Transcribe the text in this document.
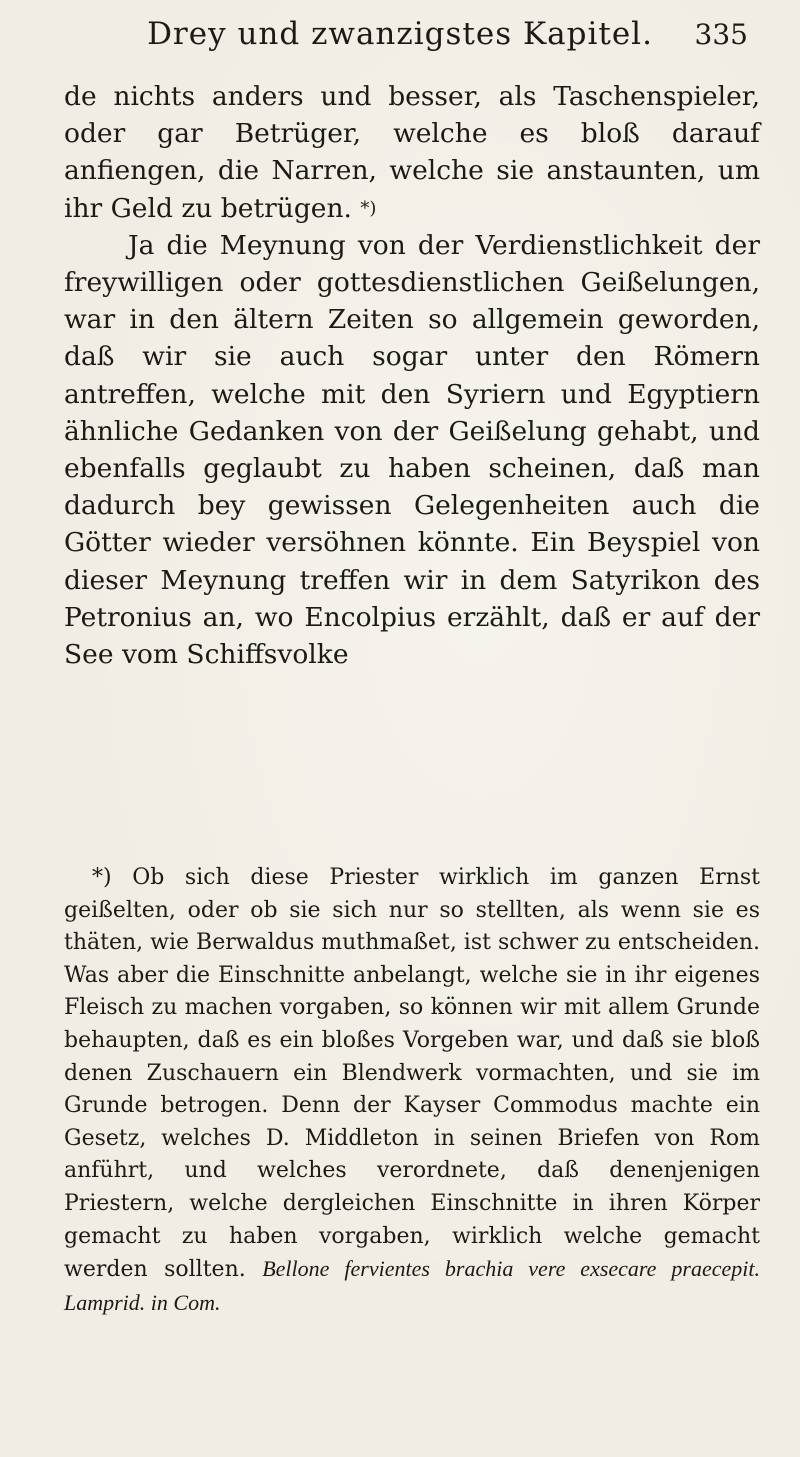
Drey und zwanzigstes Kapitel.	335

de nichts anders und besser, als Taschenspieler, oder gar Betrüger, welche es bloß darauf anfiengen, die Narren, welche sie anstaunten, um ihr Geld zu betrügen. *)

Ja die Meynung von der Verdienstlichkeit der freywilligen oder gottesdienstlichen Geißelungen, war in den ältern Zeiten so allgemein geworden, daß wir sie auch sogar unter den Römern antreffen, welche mit den Syriern und Egyptiern ähnliche Gedanken von der Geißelung gehabt, und ebenfalls geglaubt zu haben scheinen, daß man dadurch bey gewissen Gelegenheiten auch die Götter wieder versöhnen könnte. Ein Beyspiel von dieser Meynung treffen wir in dem Satyrikon des Petronius an, wo Encolpius erzählt, daß er auf der See vom Schiffsvolke

*) Ob sich diese Priester wirklich im ganzen Ernst geißelten, oder ob sie sich nur so stellten, als wenn sie es thäten, wie Berwaldus muthmaßet, ist schwer zu entscheiden. Was aber die Einschnitte anbelangt, welche sie in ihr eigenes Fleisch zu machen vorgaben, so können wir mit allem Grunde behaupten, daß es ein bloßes Vorgeben war, und daß sie bloß denen Zuschauern ein Blendwerk vormachten, und sie im Grunde betrogen. Denn der Kayser Commodus machte ein Gesetz, welches D. Middleton in seinen Briefen von Rom anführt, und welches verordnete, daß denenjenigen Priestern, welche dergleichen Einschnitte in ihren Körper gemacht zu haben vorgaben, wirklich welche gemacht werden sollten. Bellone fervientes brachia vere exsecare praecepit. Lamprid. in Com.
